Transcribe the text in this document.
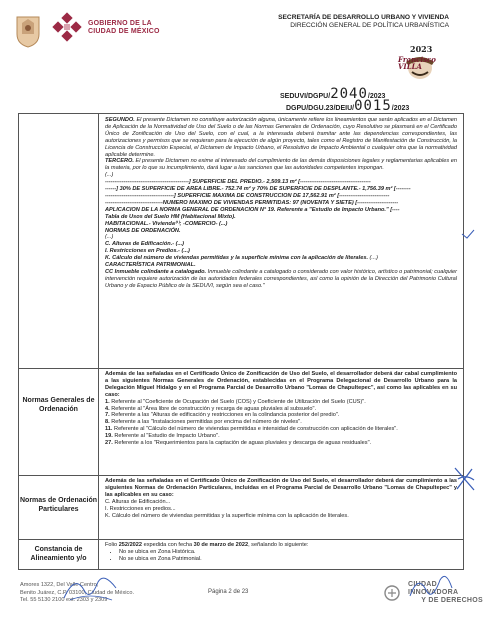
GOBIERNO DE LA
CIUDAD DE MÉXICO
SECRETARÍA DE DESARROLLO URBANO Y VIVIENDA
DIRECCIÓN GENERAL DE POLÍTICA URBANÍSTICA
2023
Francisco
VILLA
SEDUVI/DGPU/2040/2023
DGPU/DGU.23/DEIU/0015/2023

SEGUNDO. El presente Dictamen no constituye autorización alguna, únicamente refiere los lineamientos que serán aplicados en el Dictamen de Aplicación de la Normatividad de Uso del Suelo o de las Normas Generales de Ordenación, cuyo Resolutivo se plasmará en el Certificado Único de Zonificación de Uso del Suelo, con el cual, a la interesada deberá tramitar ante las dependencias correspondientes, las autorizaciones y permisos que se requieran para la ejecución de algún proyecto, tales como el Registro de Manifestación de Construcción, la Licencia de Construcción Especial, el Dictamen de Impacto Urbano, el Resolutivo de Impacto Ambiental o cualquier otra que la normatividad aplicable determine.

TERCERO. El presente Dictamen no exime al interesado del cumplimiento de las demás disposiciones legales y reglamentarias aplicables en la materia, por lo que su incumplimiento, dará lugar a las sanciones que las autoridades competentes impongan.

(...)

---------------------------------------------] SUPERFICIE DEL PREDIO.- 2,509.13 m² [--------------------------------------

------] 30% DE SUPERFICIE DE ÁREA LIBRE.- 752.74 m² y 70% DE SUPERFICIE DE DESPLANTE.- 1,756.39 m² [--------

-------------------------------------] SUPERFICIE MÁXIMA DE CONSTRUCCIÓN DE 17,562.91 m² [---------------------------

-------------------------------NÚMERO MÁXIMO DE VIVIENDAS PERMITIDAS: 97 (NOVENTA Y SIETE) [----------------------

APLICACIÓN DE LA NORMA GENERAL DE ORDENACIÓN N° 19. Referente a "Estudio de Impacto Urbano." [----

Tabla de Usos del Suelo HM (Habitacional Mixto).

HABITACIONAL.- Vivienda⁽¹⁾; -COMERCIO- (...)

NORMAS DE ORDENACIÓN.

(...)

C. Alturas de Edificación.- (...)

I. Restricciones en Predios.- (...)

K. Cálculo del número de viviendas permitidas y la superficie mínima con la aplicación de literales. (...)

CARACTERÍSTICA PATRIMONIAL.

CC Inmueble colindante a catalogado. Inmueble colindante a catalogado o considerado con valor histórico, artístico o patrimonial; cualquier intervención requiere autorización de las autoridades federales correspondientes, así como la opinión de la Dirección del Patrimonio Cultural Urbano y de Espacio Público de la SEDUVI, según sea el caso."

Normas Generales de Ordenación

Además de las señaladas en el Certificado Único de Zonificación de Uso del Suelo, el desarrollador deberá dar cabal cumplimiento a las siguientes Normas Generales de Ordenación, establecidas en el Programa Delegacional de Desarrollo Urbano para la Delegación Miguel Hidalgo y en el Programa Parcial de Desarrollo Urbano "Lomas de Chapultepec", así como las aplicables en su caso:

1. Referente al "Coeficiente de Ocupación del Suelo (COS) y Coeficiente de Utilización del Suelo (CUS)".

4. Referente al "Área libre de construcción y recarga de aguas pluviales al subsuelo".

7. Referente a las "Alturas de edificación y restricciones en la colindancia posterior del predio".

8. Referente a las "Instalaciones permitidas por encima del número de niveles".

11. Referente al "Cálculo del número de viviendas permitidas e intensidad de construcción con aplicación de literales".

19. Referente al "Estudio de Impacto Urbano".

27. Referente a los "Requerimientos para la captación de aguas pluviales y descarga de aguas residuales".

Normas de Ordenación Particulares

Además de las señaladas en el Certificado Único de Zonificación de Uso del Suelo, el desarrollador deberá dar cumplimiento a las siguientes Normas de Ordenación Particulares, incluidas en el Programa Parcial de Desarrollo Urbano "Lomas de Chapultepec" y las aplicables en su caso:

C. Alturas de Edificación...

I. Restricciones en predios...

K. Cálculo del número de viviendas permitidas y la superficie mínima con la aplicación de literales.

Constancia de Alineamiento y/o

Folio 252/2022 expedida con fecha 30 de marzo de 2022, señalando lo siguiente:

• No se ubica en Zona Histórica.
• No se ubica en Zona Patrimonial.
Amores 1322, Del Valle Centro,
Benito Juárez, C.P. 03100, Ciudad de México.
Tel. 55 5130 2100 ext. 2303 y 2309
Página 2 de 23
CIUDAD INNOVADORA
Y DE DERECHOS
